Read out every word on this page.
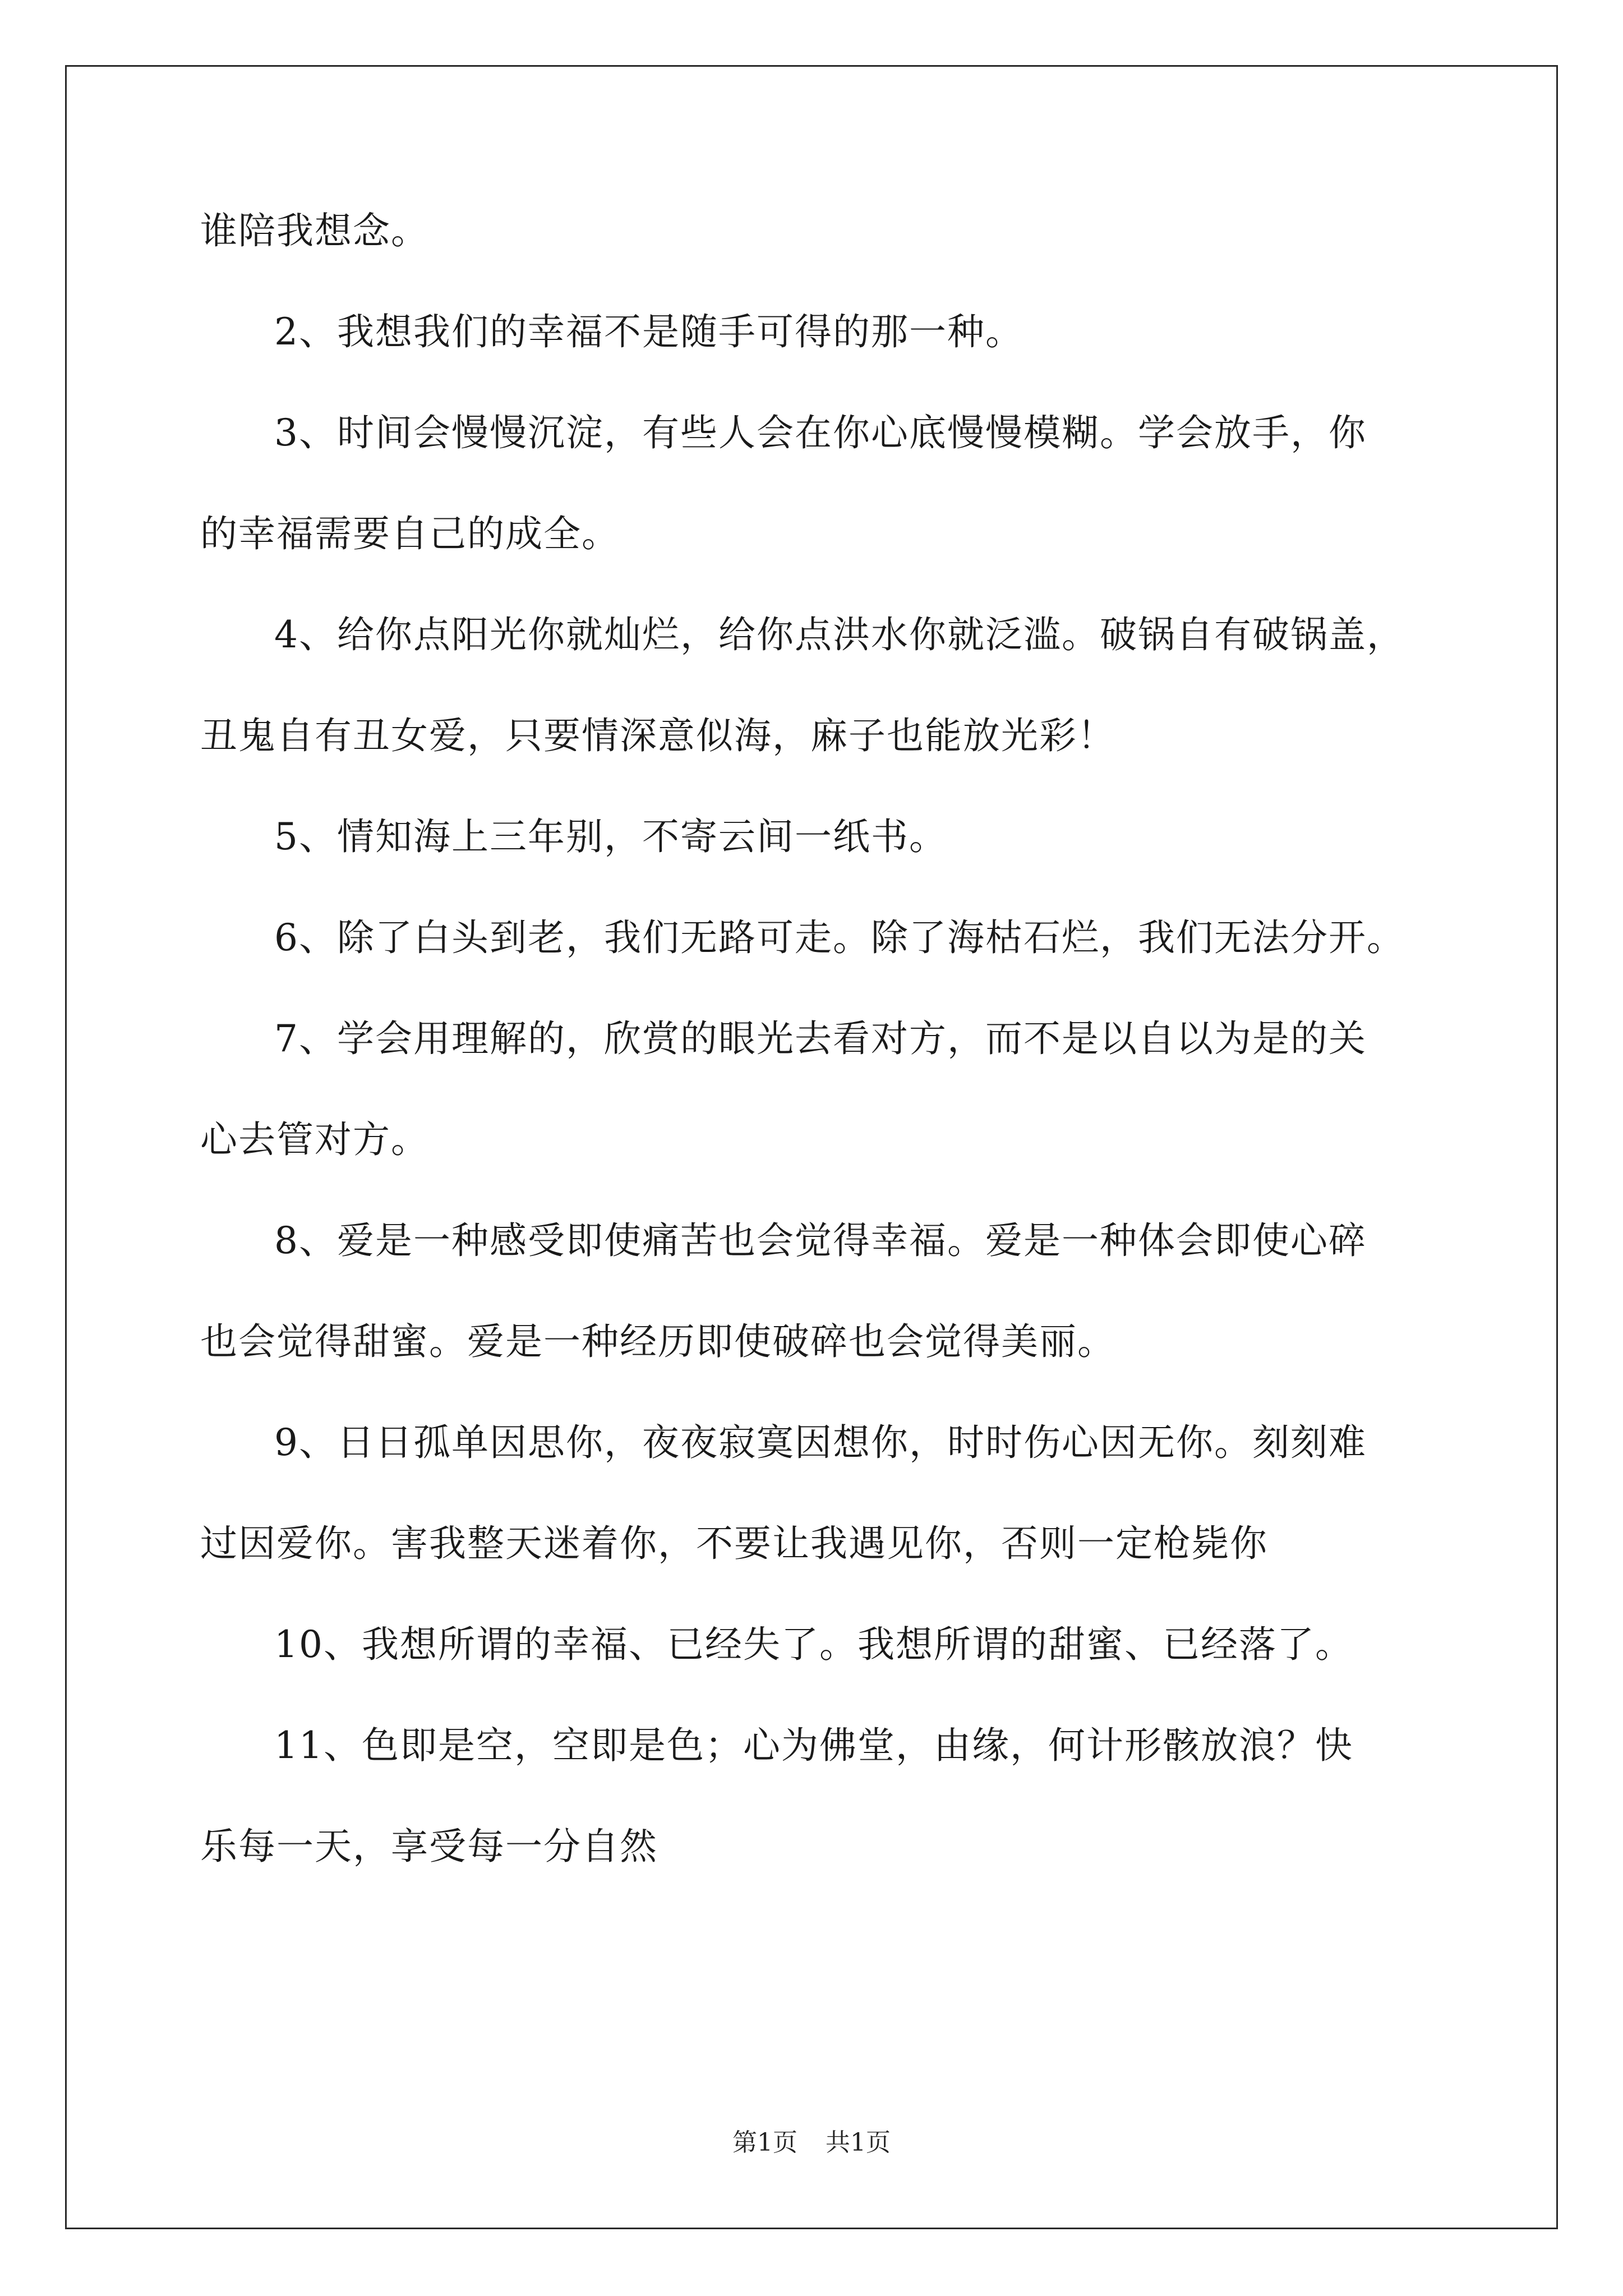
谁陪我想念。
2、我想我们的幸福不是随手可得的那一种。
3、时间会慢慢沉淀，有些人会在你心底慢慢模糊。学会放手，你
的幸福需要自己的成全。
4、给你点阳光你就灿烂，给你点洪水你就泛滥。破锅自有破锅盖，
丑鬼自有丑女爱，只要情深意似海，麻子也能放光彩！
5、情知海上三年别，不寄云间一纸书。
6、除了白头到老，我们无路可走。除了海枯石烂，我们无法分开。
7、学会用理解的，欣赏的眼光去看对方，而不是以自以为是的关
心去管对方。
8、爱是一种感受即使痛苦也会觉得幸福。爱是一种体会即使心碎
也会觉得甜蜜。爱是一种经历即使破碎也会觉得美丽。
9、日日孤单因思你，夜夜寂寞因想你，时时伤心因无你。刻刻难
过因爱你。害我整天迷着你，不要让我遇见你，否则一定枪毙你
10、我想所谓的幸福、已经失了。我想所谓的甜蜜、已经落了。
11、色即是空，空即是色；心为佛堂，由缘，何计形骸放浪？快
乐每一天，享受每一分自然
第1页 共1页
